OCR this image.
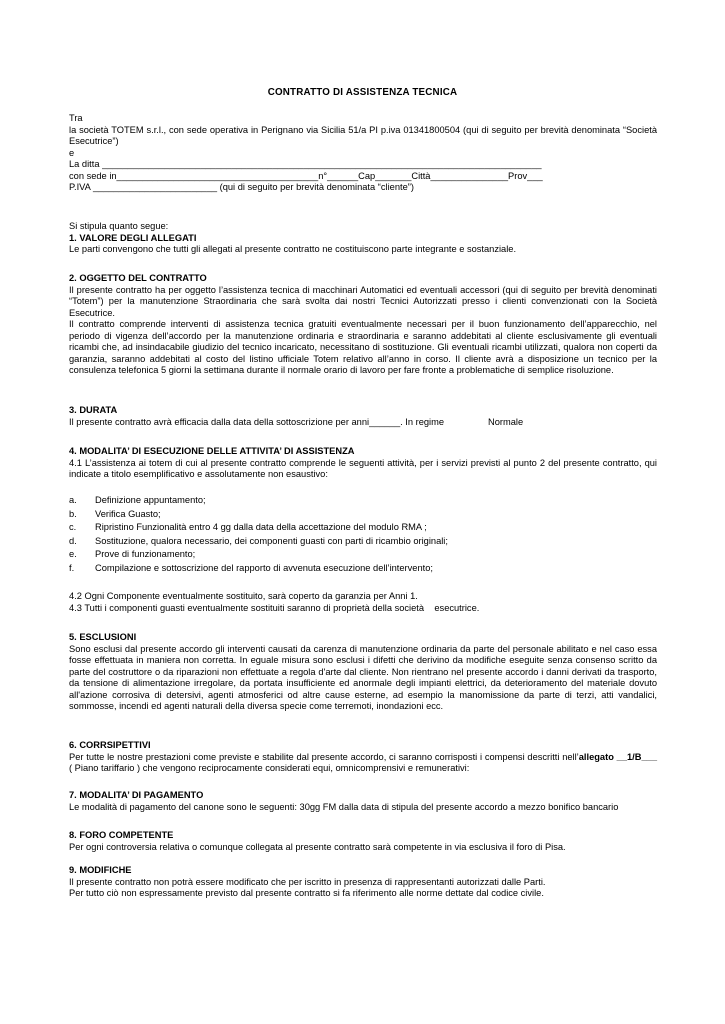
CONTRATTO DI ASSISTENZA TECNICA

Tra

la società TOTEM s.r.l., con sede operativa in Perignano via Sicilia 51/a PI p.iva 01341800504 (qui di seguito per brevità denominata “Società Esecutrice”)

e

La ditta _____________________________________________________________________________________

con sede in_______________________________________n°______Cap_______Città_______________Prov___

P.IVA ________________________ (qui di seguito per brevità denominata “cliente”)

Si stipula quanto segue:

1. VALORE DEGLI ALLEGATI

Le parti convengono che tutti gli allegati al presente contratto ne costituiscono parte integrante e sostanziale.

2. OGGETTO DEL CONTRATTO

Il presente contratto ha per oggetto l’assistenza tecnica di macchinari Automatici ed eventuali accessori (qui di seguito per brevità denominati “Totem”) per la manutenzione Straordinaria che sarà svolta dai nostri Tecnici Autorizzati presso i clienti convenzionati con la Società Esecutrice.

Il contratto comprende interventi di assistenza tecnica gratuiti eventualmente necessari per il buon funzionamento dell’apparecchio, nel periodo di vigenza dell’accordo per la manutenzione ordinaria e straordinaria e saranno addebitati al cliente esclusivamente gli eventuali ricambi che, ad insindacabile giudizio del tecnico incaricato, necessitano di sostituzione. Gli eventuali ricambi utilizzati, qualora non coperti da garanzia, saranno addebitati al costo del listino ufficiale Totem relativo all’anno in corso. Il cliente avrà a disposizione un tecnico per la consulenza telefonica 5 giorni la settimana durante il normale orario di lavoro per fare fronte a problematiche di semplice risoluzione.

3. DURATA

Il presente contratto avrà efficacia dalla data della sottoscrizione per anni______. In regime	Normale

4. MODALITA’ DI ESECUZIONE DELLE ATTIVITA’ DI ASSISTENZA

4.1 L’assistenza ai totem di cui al presente contratto comprende le seguenti attività, per i servizi previsti al punto 2 del presente contratto, qui indicate a titolo esemplificativo e assolutamente non esaustivo:

a. Definizione appuntamento;
b. Verifica Guasto;
c. Ripristino Funzionalità entro 4 gg dalla data della accettazione del modulo RMA ;
d. Sostituzione, qualora necessario, dei componenti guasti con parti di ricambio originali;
e. Prove di funzionamento;
f. Compilazione e sottoscrizione del rapporto di avvenuta esecuzione dell’intervento;

4.2 Ogni Componente eventualmente sostituito, sarà coperto da garanzia per Anni 1.

4.3 Tutti i componenti guasti eventualmente sostituiti saranno di proprietà della società    esecutrice.

5. ESCLUSIONI

Sono esclusi dal presente accordo gli interventi causati da carenza di manutenzione ordinaria da parte del personale abilitato e nel caso essa fosse effettuata in maniera non corretta. In eguale misura sono esclusi i difetti che derivino da modifiche eseguite senza consenso scritto da parte del costruttore o da riparazioni non effettuate a regola d'arte dal cliente. Non rientrano nel presente accordo i danni derivati da trasporto, da tensione di alimentazione irregolare, da portata insufficiente ed anormale degli impianti elettrici, da deterioramento del materiale dovuto all'azione corrosiva di detersivi, agenti atmosferici od altre cause esterne, ad esempio la manomissione da parte di terzi, atti vandalici, sommosse, incendi ed agenti naturali della diversa specie come terremoti, inondazioni ecc.

6. CORRSIPETTIVI

Per tutte le nostre prestazioni come previste e stabilite dal presente accordo, ci saranno corrisposti i compensi descritti nell’allegato __1/B___ ( Piano tariffario ) che vengono reciprocamente considerati equi, omnicomprensivi e remunerativi:

7. MODALITA’ DI PAGAMENTO

Le modalità di pagamento del canone sono le seguenti: 30gg FM dalla data di stipula del presente accordo a mezzo bonifico bancario

8. FORO COMPETENTE

Per ogni controversia relativa o comunque collegata al presente contratto sarà competente in via esclusiva il foro di Pisa.

9. MODIFICHE

Il presente contratto non potrà essere modificato che per iscritto in presenza di rappresentanti autorizzati dalle Parti.

Per tutto ciò non espressamente previsto dal presente contratto si fa riferimento alle norme dettate dal codice civile.
